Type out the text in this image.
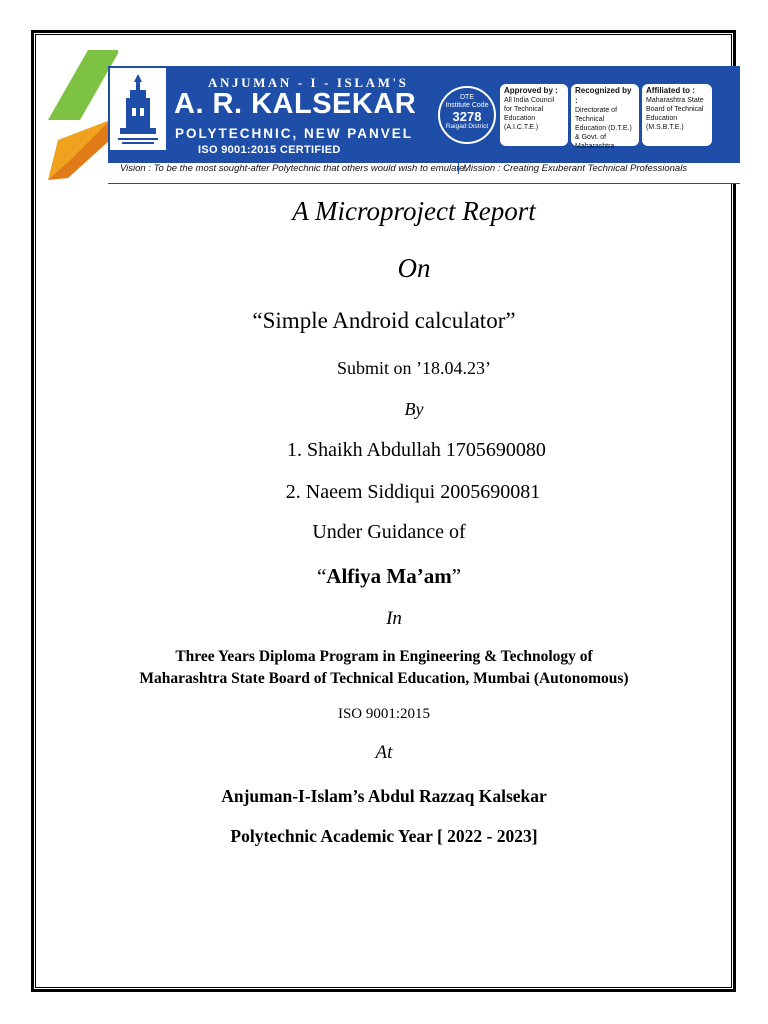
ANJUMAN - I - ISLAM'S
A. R. KALSEKAR
POLYTECHNIC, NEW PANVEL
ISO 9001:2015 CERTIFIED
DTE
Institute Code
3278
Raigad District
Approved by :
All India Council for Technical Education (A.I.C.T.E.)
Recognized by :
Directorate of Technical Education (D.T.E.) & Govt. of Maharashtra
Affiliated to :
Maharashtra State Board of Technical Education (M.S.B.T.E.)
Vision : To be the most sought-after Polytechnic that others would wish to emulate.
Mission : Creating Exuberant Technical Professionals
A Microproject Report
On
“Simple Android calculator”
Submit on ’18.04.23’
By
1. Shaikh Abdullah 1705690080
2. Naeem Siddiqui 2005690081
Under Guidance of
“Alfiya Ma’am”
In
Three Years Diploma Program in Engineering & Technology of
Maharashtra State Board of Technical Education, Mumbai (Autonomous)
ISO 9001:2015
At
Anjuman-I-Islam’s Abdul Razzaq Kalsekar
Polytechnic Academic Year [ 2022 - 2023]
